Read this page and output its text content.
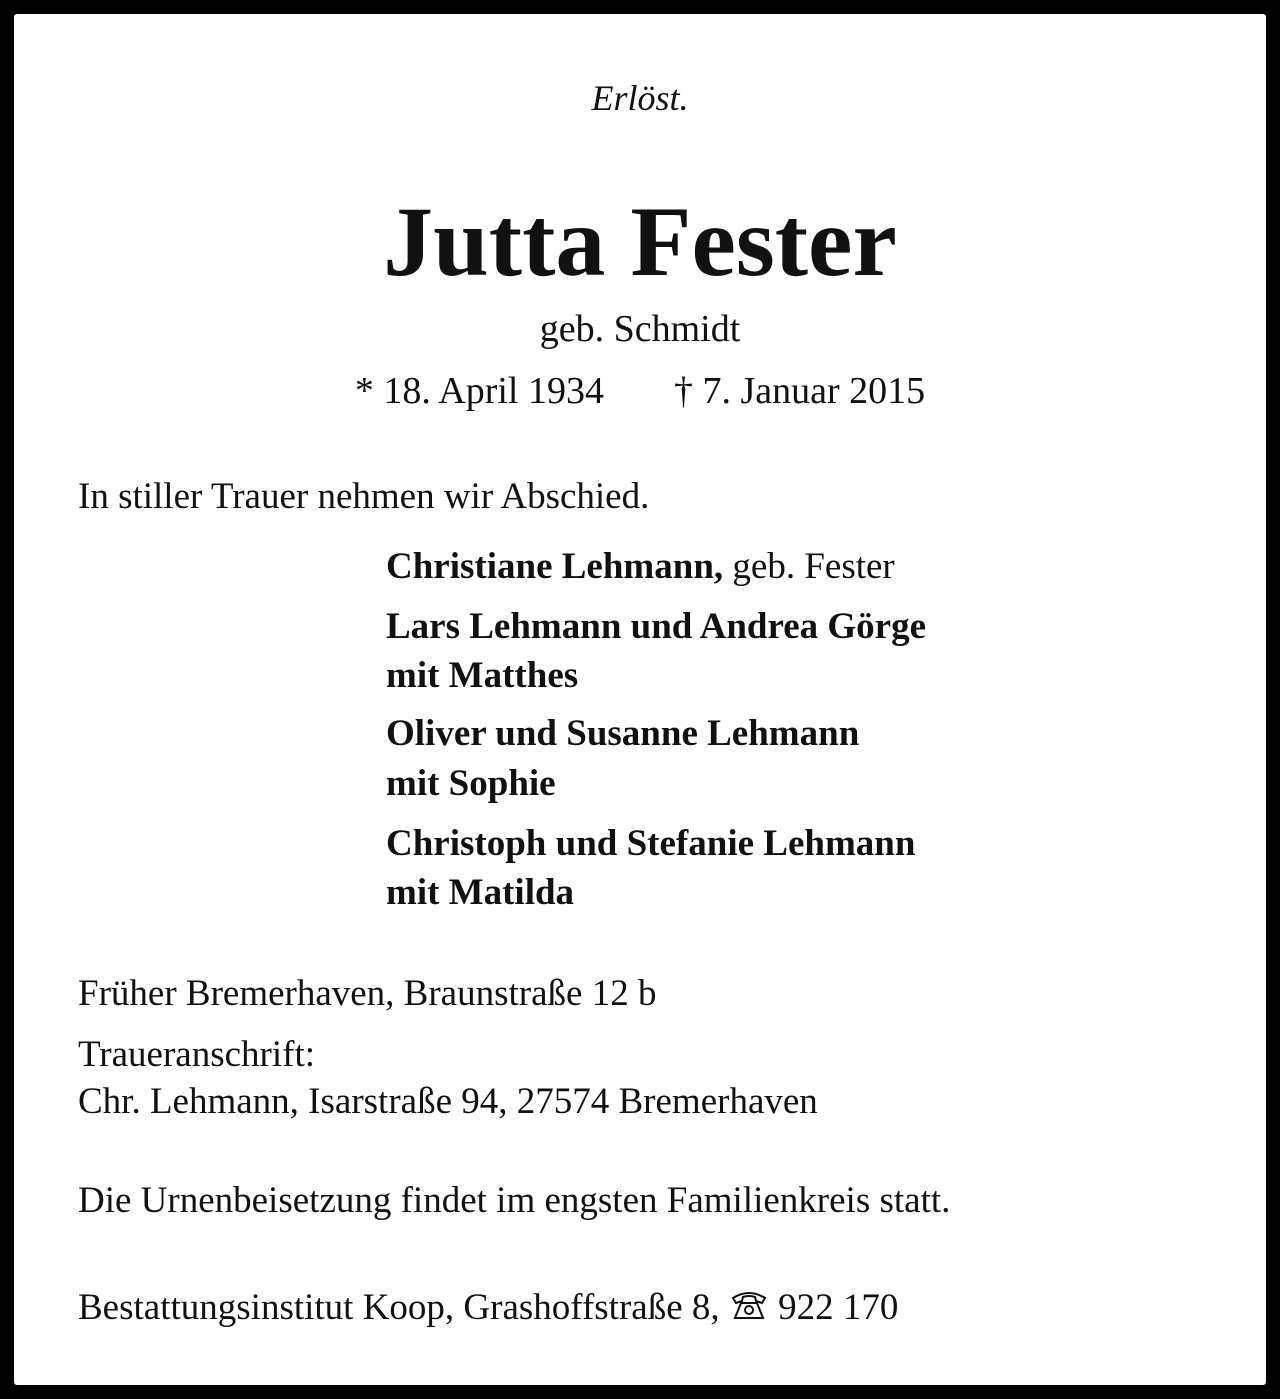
Erlöst.
Jutta Fester
geb. Schmidt
* 18. April 1934 † 7. Januar 2015
In stiller Trauer nehmen wir Abschied.
Christiane Lehmann, geb. Fester
Lars Lehmann und Andrea Görge
mit Matthes
Oliver und Susanne Lehmann
mit Sophie
Christoph und Stefanie Lehmann
mit Matilda
Früher Bremerhaven, Braunstraße 12 b
Traueranschrift:
Chr. Lehmann, Isarstraße 94, 27574 Bremerhaven
Die Urnenbeisetzung findet im engsten Familienkreis statt.
Bestattungsinstitut Koop, Grashoffstraße 8,  922 170
